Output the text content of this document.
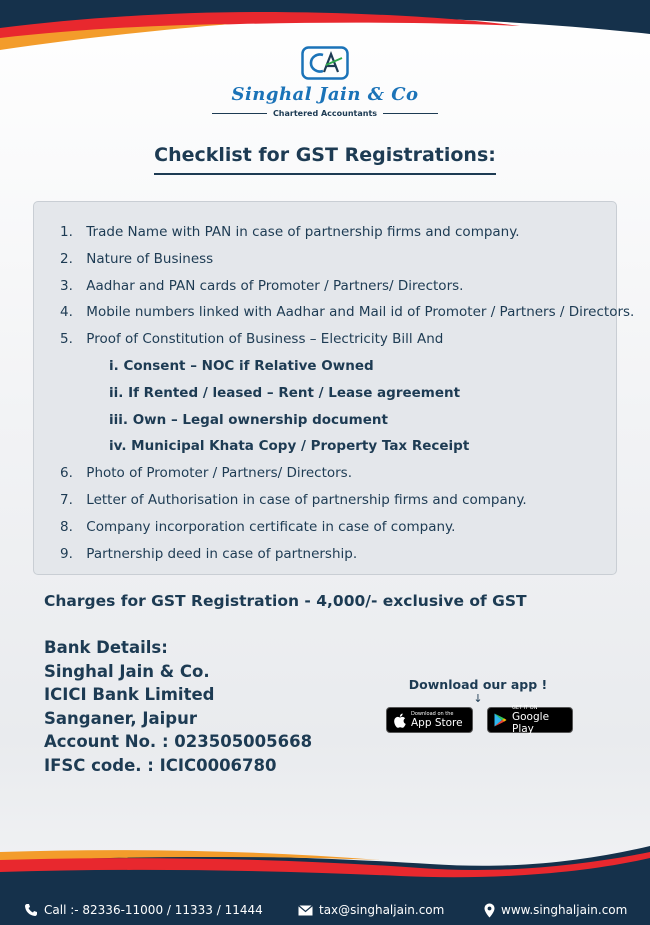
Singhal Jain & Co
Chartered Accountants
Checklist for GST Registrations:
1. Trade Name with PAN in case of partnership firms and company.
2. Nature of Business
3. Aadhar and PAN cards of Promoter / Partners/ Directors.
4. Mobile numbers linked with Aadhar and Mail id of Promoter / Partners / Directors.
5. Proof of Constitution of Business – Electricity Bill And
i. Consent – NOC if Relative Owned
ii. If Rented / leased – Rent / Lease agreement
iii. Own – Legal ownership document
iv. Municipal Khata Copy / Property Tax Receipt
6. Photo of Promoter / Partners/ Directors.
7. Letter of Authorisation in case of partnership firms and company.
8. Company incorporation certificate in case of company.
9. Partnership deed in case of partnership.
Charges for GST Registration - 4,000/- exclusive of GST
Bank Details:
Singhal Jain & Co.
ICICI Bank Limited
Sanganer, Jaipur
Account No. : 023505005668
IFSC code. : ICIC0006780
Download our app !
↓
Download on the
App Store
GET IT ON
Google Play
Call :- 82336-11000 / 11333 / 11444	tax@singhaljain.com	www.singhaljain.com
